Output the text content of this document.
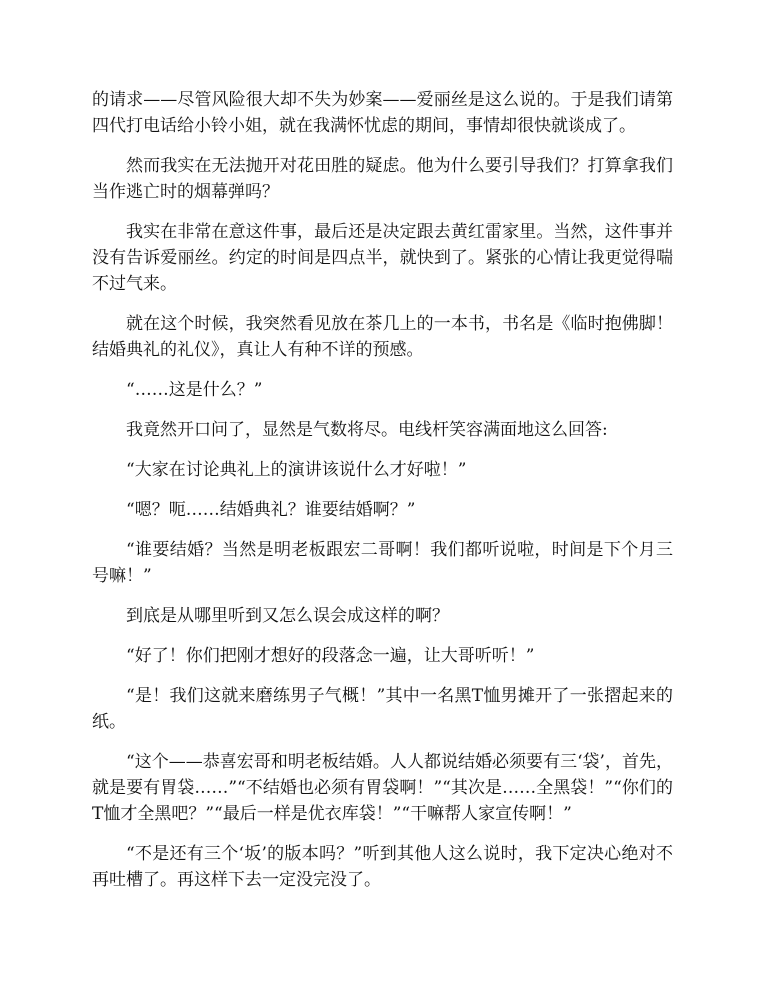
的请求——尽管风险很大却不失为妙案——爱丽丝是这么说的。于是我们请第四代打电话给小铃小姐，就在我满怀忧虑的期间，事情却很快就谈成了。

然而我实在无法抛开对花田胜的疑虑。他为什么要引导我们？打算拿我们当作逃亡时的烟幕弹吗？

我实在非常在意这件事，最后还是决定跟去黄红雷家里。当然，这件事并没有告诉爱丽丝。约定的时间是四点半，就快到了。紧张的心情让我更觉得喘不过气来。

就在这个时候，我突然看见放在茶几上的一本书，书名是《临时抱佛脚！结婚典礼的礼仪》，真让人有种不详的预感。

“……这是什么？”

我竟然开口问了，显然是气数将尽。电线杆笑容满面地这么回答:

“大家在讨论典礼上的演讲该说什么才好啦！”

“嗯？呃……结婚典礼？谁要结婚啊？”

“谁要结婚？当然是明老板跟宏二哥啊！我们都听说啦，时间是下个月三号嘛！”

到底是从哪里听到又怎么误会成这样的啊？

“好了！你们把刚才想好的段落念一遍，让大哥听听！”

“是！我们这就来磨练男子气概！”其中一名黑T恤男摊开了一张摺起来的纸。

“这个——恭喜宏哥和明老板结婚。人人都说结婚必须要有三‘袋’，首先，就是要有胃袋……”“不结婚也必须有胃袋啊！”“其次是……全黑袋！”“你们的T恤才全黑吧？”“最后一样是优衣库袋！”“干嘛帮人家宣传啊！”

“不是还有三个‘坂’的版本吗？”听到其他人这么说时，我下定决心绝对不再吐槽了。再这样下去一定没完没了。
